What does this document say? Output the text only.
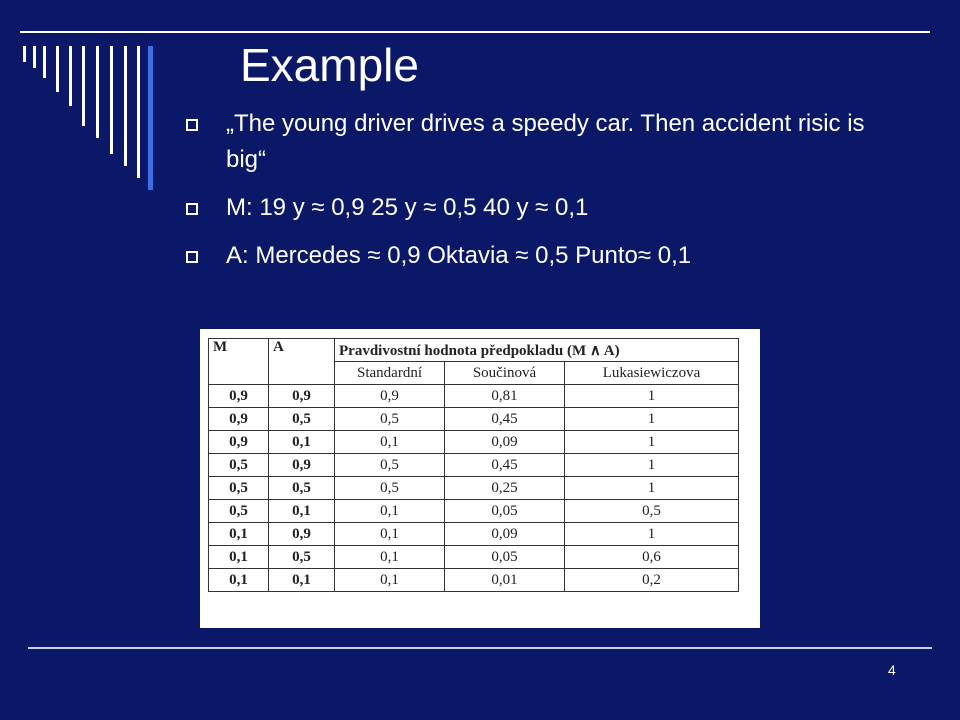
Example
„The young driver drives a speedy car. Then accident risic is big“
M: 19 y ≈ 0,9 25 y ≈ 0,5 40 y ≈ 0,1
A: Mercedes ≈ 0,9 Oktavia ≈ 0,5 Punto≈ 0,1
M	A	Pravdivostní hodnota předpokladu (M ∧ A)		
		Standardní	Součinová	Lukasiewiczova
0,9	0,9	0,9	0,81	1
0,9	0,5	0,5	0,45	1
0,9	0,1	0,1	0,09	1
0,5	0,9	0,5	0,45	1
0,5	0,5	0,5	0,25	1
0,5	0,1	0,1	0,05	0,5
0,1	0,9	0,1	0,09	1
0,1	0,5	0,1	0,05	0,6
0,1	0,1	0,1	0,01	0,2
4
